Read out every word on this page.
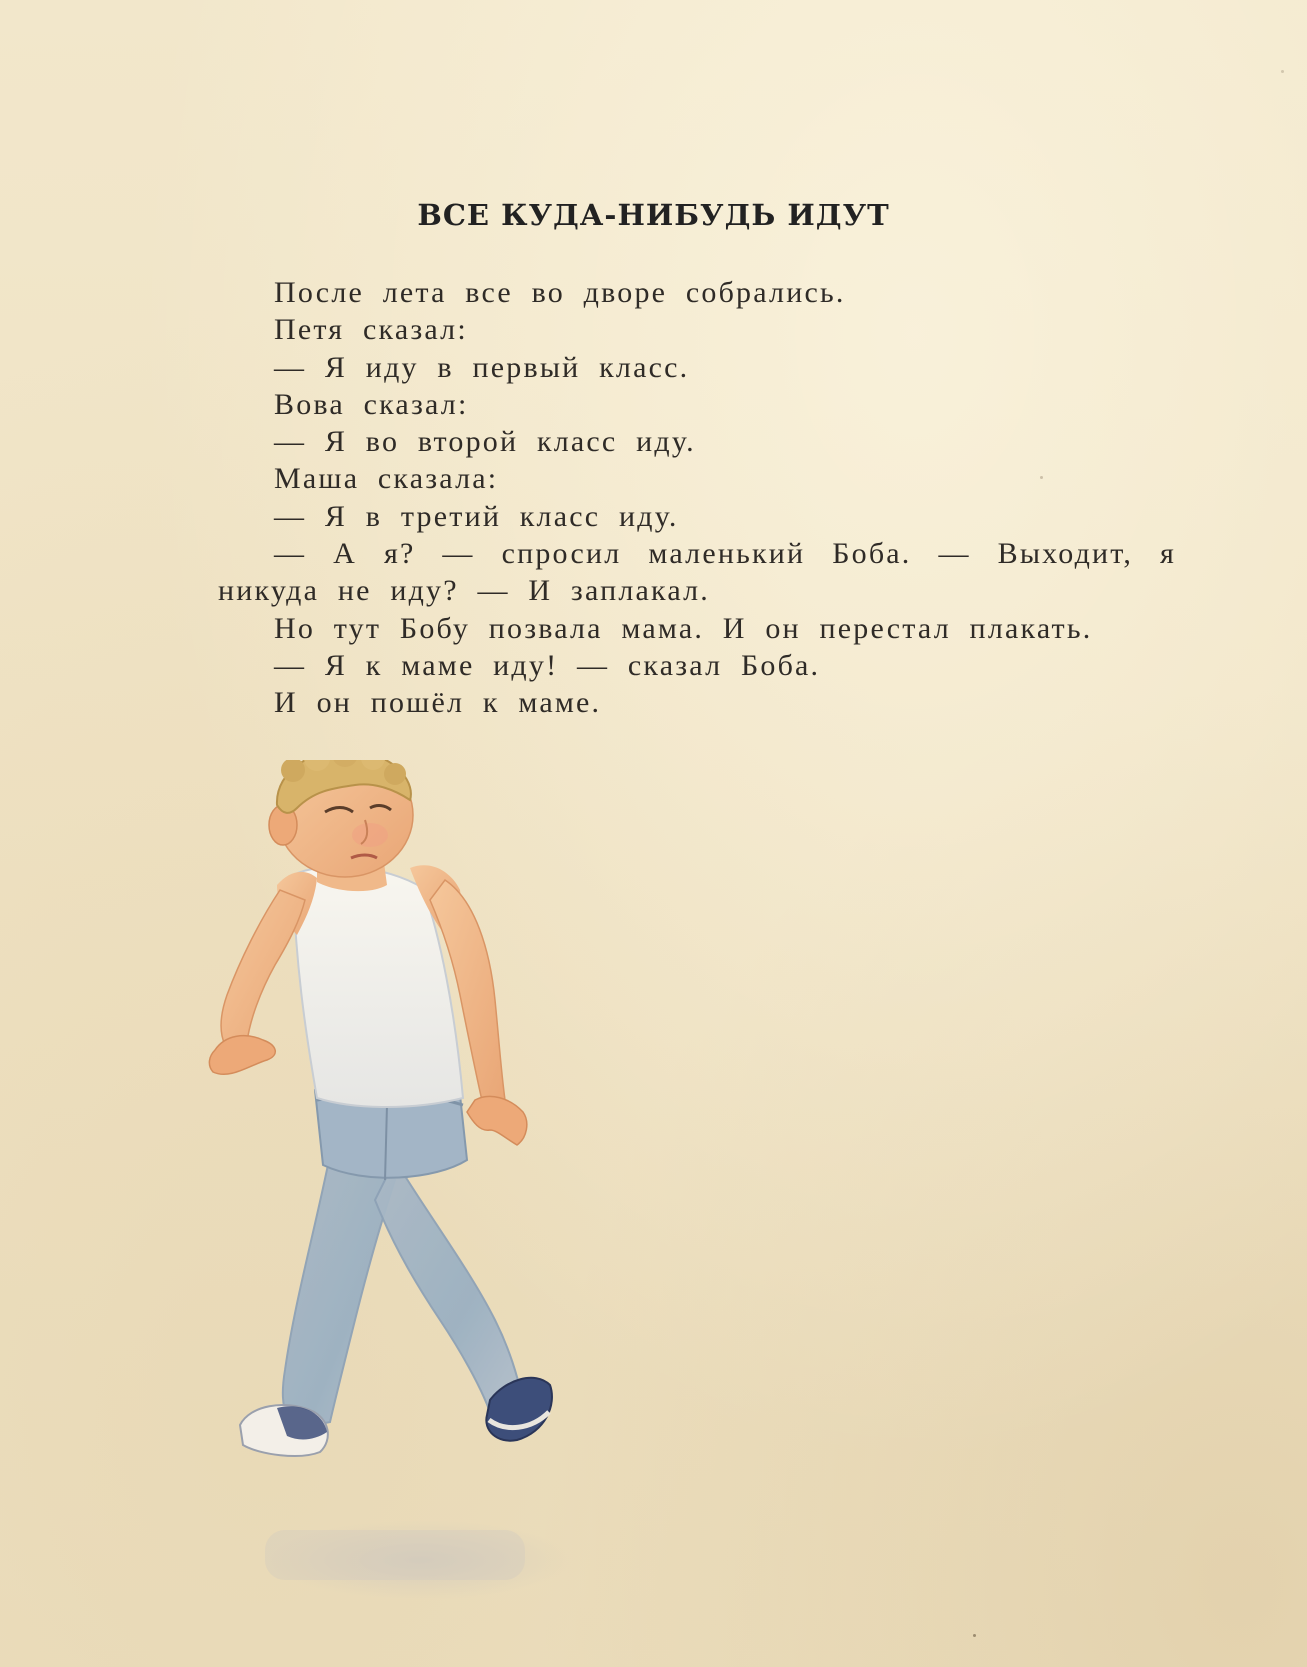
ВСЕ КУДА-НИБУДЬ ИДУТ
После лета все во дворе собрались.
Петя сказал:
— Я иду в первый класс.
Вова сказал:
— Я во второй класс иду.
Маша сказала:
— Я в третий класс иду.
— А я? — спросил маленький Боба. — Выходит, я
никуда не иду? — И заплакал.
Но тут Бобу позвала мама. И он перестал плакать.
— Я к маме иду! — сказал Боба.
И он пошёл к маме.
